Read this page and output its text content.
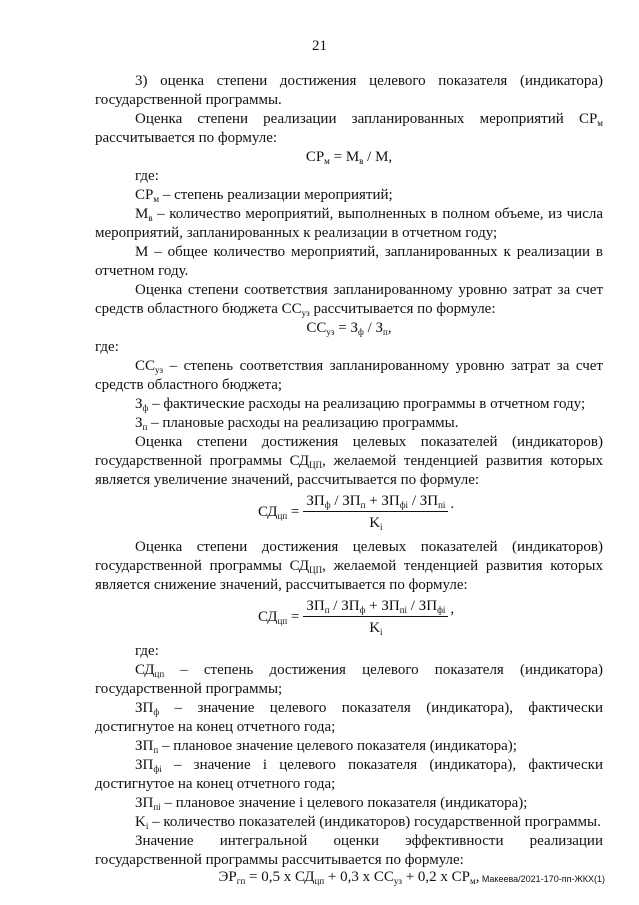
21

3) оценка степени достижения целевого показателя (индикатора)

государственной программы.

Оценка степени реализации запланированных мероприятий $СР_м$

рассчитывается по формуле:

$СР_м = М_в / М$,

где:

$СР_м$ – степень реализации мероприятий;

$М_в$ – количество мероприятий, выполненных в полном объеме, из числа

мероприятий, запланированных к реализации в отчетном году;

М – общее количество мероприятий, запланированных к реализации в

отчетном году.

Оценка степени соответствия запланированному уровню затрат за счет

средств областного бюджета $СС_{уз}$ рассчитывается по формуле:

$СС_{уз} = З_ф / З_п$,

где:

$СС_{уз}$ – степень соответствия запланированному уровню затрат за счет

средств областного бюджета;

$З_ф$ – фактические расходы на реализацию программы в отчетном году;

$З_п$ – плановые расходы на реализацию программы.

Оценка степени достижения целевых показателей (индикаторов)

государственной программы $СД_{ЦП}$, желаемой тенденцией развития которых

является увеличение значений, рассчитывается по формуле:

$СД_{цп} = \frac{ЗП_ф / ЗП_п + ЗП_{фi} / ЗП_{пi}}{K_i}$ .

Оценка степени достижения целевых показателей (индикаторов)

государственной программы $СД_{ЦП}$, желаемой тенденцией развития которых

является снижение значений, рассчитывается по формуле:

$СД_{цп} = \frac{ЗП_п / ЗП_ф + ЗП_{пi} / ЗП_{фi}}{K_i}$ ,

где:

$СД_{цп}$ – степень достижения целевого показателя (индикатора)

государственной программы;

$ЗП_ф$ – значение целевого показателя (индикатора), фактически

достигнутое на конец отчетного года;

$ЗП_п$ – плановое значение целевого показателя (индикатора);

$ЗП_{фi}$ – значение i целевого показателя (индикатора), фактически

достигнутое на конец отчетного года;

$ЗП_{пi}$ – плановое значение i целевого показателя (индикатора);

$K_i$ – количество показателей (индикаторов) государственной программы.

Значение интегральной оценки эффективности реализации

государственной программы рассчитывается по формуле:

$ЭР_{гп} = 0,5$ х $СД_{цп} + 0,3$ х $СС_{уз} + 0,2$ х $СР_м$, Макеева/2021-170-пп-ЖКХ(1)
